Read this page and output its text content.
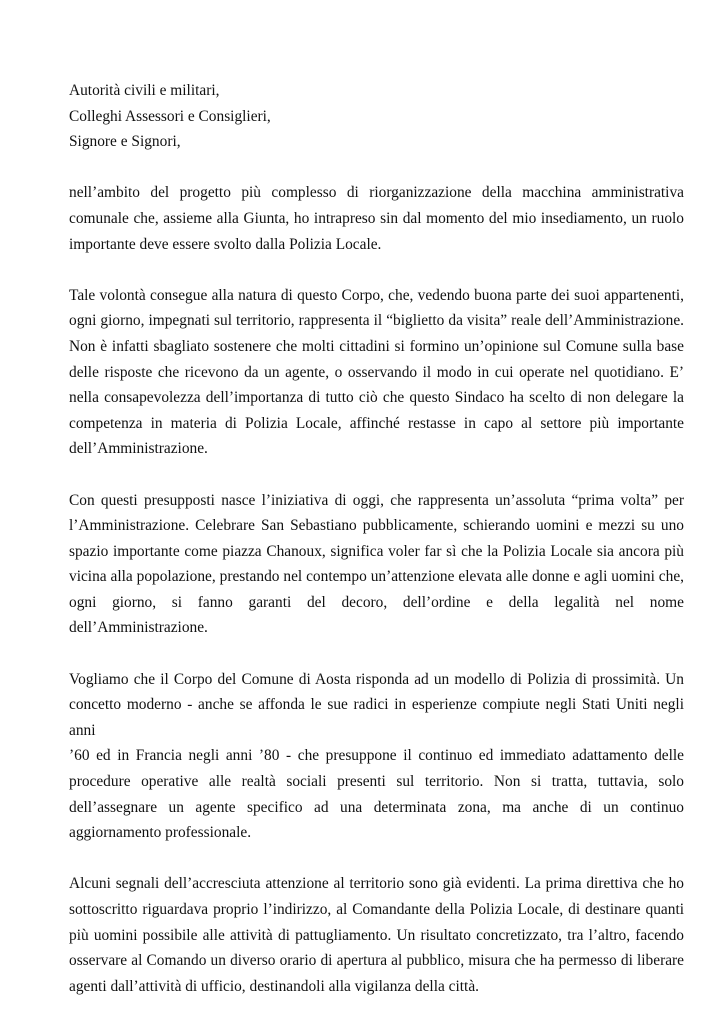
Autorità civili e militari,
Colleghi Assessori e Consiglieri,
Signore e Signori,
nell’ambito del progetto più complesso di riorganizzazione della macchina amministrativa
comunale che, assieme alla Giunta, ho intrapreso sin dal momento del mio insediamento, un ruolo
importante deve essere svolto dalla Polizia Locale.
Tale volontà consegue alla natura di questo Corpo, che, vedendo buona parte dei suoi appartenenti,
ogni giorno, impegnati sul territorio, rappresenta il “biglietto da visita” reale dell’Amministrazione.
Non è infatti sbagliato sostenere che molti cittadini si formino un’opinione sul Comune sulla base
delle risposte che ricevono da un agente, o osservando il modo in cui operate nel quotidiano. E’
nella consapevolezza dell’importanza di tutto ciò che questo Sindaco ha scelto di non delegare la
competenza in materia di Polizia Locale, affinché restasse in capo al settore più importante
dell’Amministrazione.
Con questi presupposti nasce l’iniziativa di oggi, che rappresenta un’assoluta “prima volta” per
l’Amministrazione. Celebrare San Sebastiano pubblicamente, schierando uomini e mezzi su uno
spazio importante come piazza Chanoux, significa voler far sì che la Polizia Locale sia ancora più
vicina alla popolazione, prestando nel contempo un’attenzione elevata alle donne e agli uomini che,
ogni giorno, si fanno garanti del decoro, dell’ordine e della legalità nel nome dell’Amministrazione.
Vogliamo che il Corpo del Comune di Aosta risponda ad un modello di Polizia di prossimità. Un
concetto moderno - anche se affonda le sue radici in esperienze compiute negli Stati Uniti negli anni
’60 ed in Francia negli anni ’80 - che presuppone il continuo ed immediato adattamento delle
procedure operative alle realtà sociali presenti sul territorio. Non si tratta, tuttavia, solo
dell’assegnare un agente specifico ad una determinata zona, ma anche di un continuo
aggiornamento professionale.
Alcuni segnali dell’accresciuta attenzione al territorio sono già evidenti. La prima direttiva che ho
sottoscritto riguardava proprio l’indirizzo, al Comandante della Polizia Locale, di destinare quanti
più uomini possibile alle attività di pattugliamento. Un risultato concretizzato, tra l’altro, facendo
osservare al Comando un diverso orario di apertura al pubblico, misura che ha permesso di liberare
agenti dall’attività di ufficio, destinandoli alla vigilanza della città.
